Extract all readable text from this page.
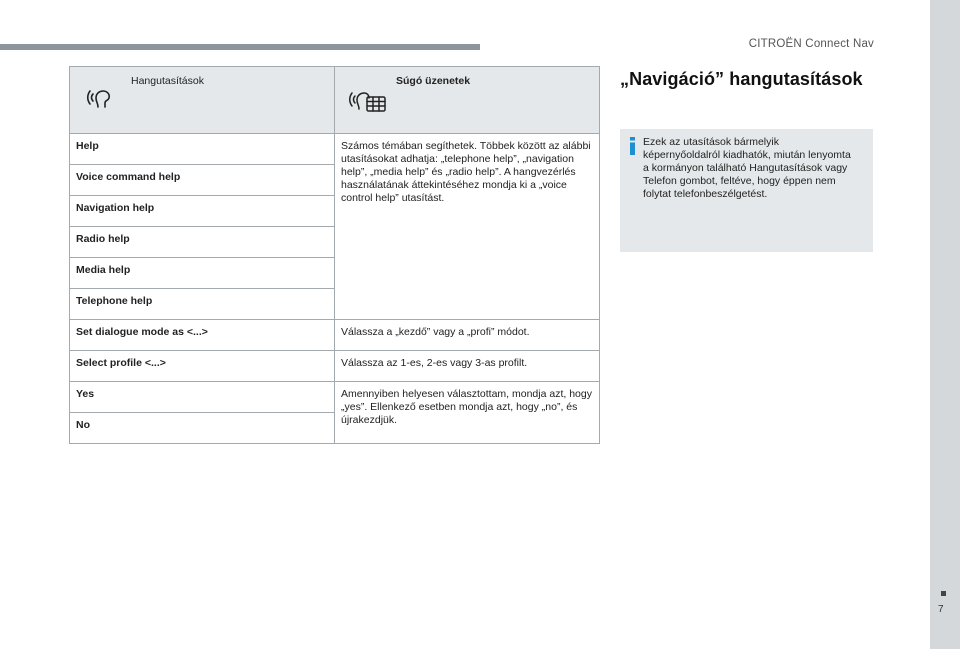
CITROËN Connect Nav
7
Hangutasítások	Súgó üzenetek

Help	Számos témában segíthetek. Többek között az alábbi utasításokat adhatja: „telephone help”, „navigation help”, „media help” és „radio help”. A hangvezérlés használatának áttekintéséhez mondja ki a „voice control help” utasítást.
Voice command help	
Navigation help	
Radio help	
Media help	
Telephone help	
Set dialogue mode as <...>	Válassza a „kezdő” vagy a „profi” módot.
Select profile <...>	Válassza az 1-es, 2-es vagy 3-as profilt.
Yes	Amennyiben helyesen választottam, mondja azt, hogy „yes”. Ellenkező esetben mondja azt, hogy „no”, és újrakezdjük.
No	
„Navigáció” hangutasítások
Ezek az utasítások bármelyik képernyőoldalról kiadhatók, miután lenyomta a kormányon található Hangutasítások vagy Telefon gombot, feltéve, hogy éppen nem folytat telefonbeszélgetést.
